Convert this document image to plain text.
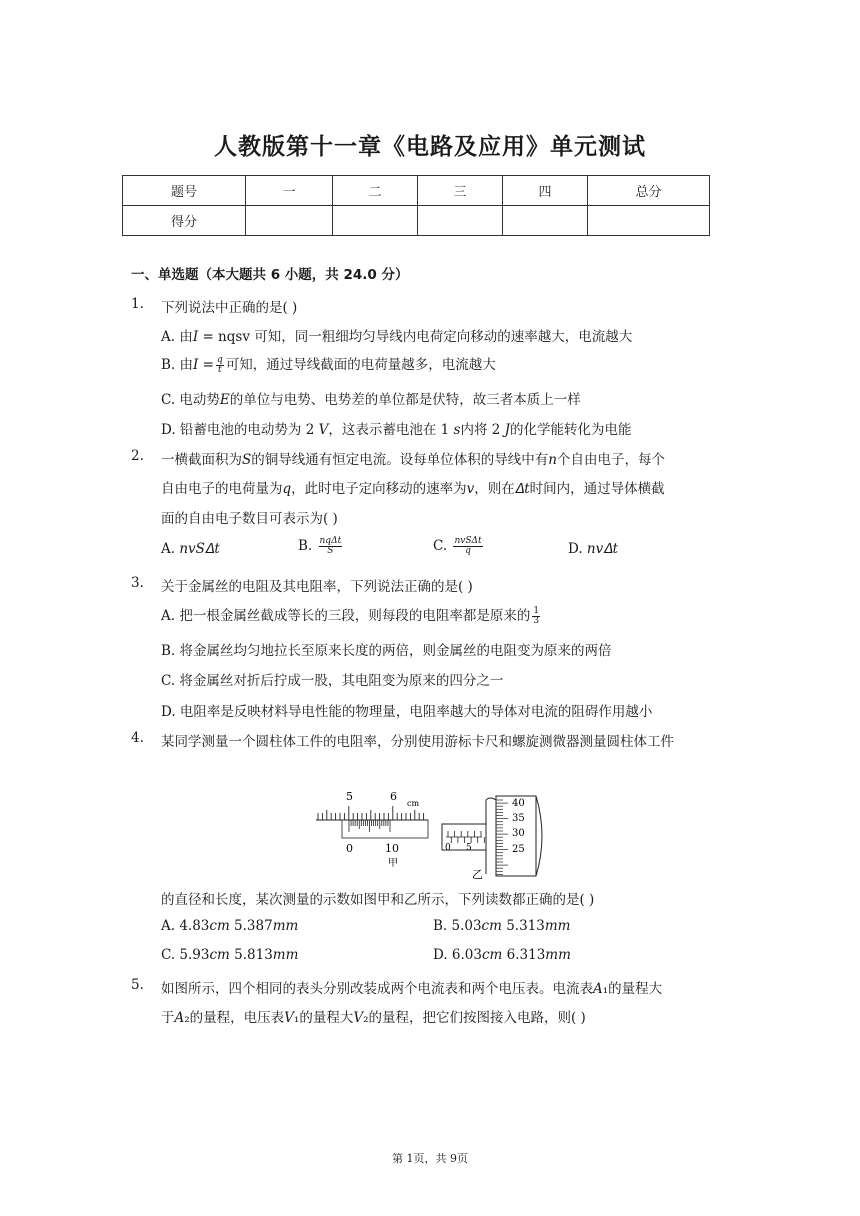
人教版第十一章《电路及应用》单元测试
题号	一	二	三	四	总分
得分					
一、单选题（本大题共 6 小题，共 24.0 分）
1. 下列说法中正确的是( )
A. 由𝐼 = nqsv 可知，同一粗细均匀导线内电荷定向移动的速率越大，电流越大
B. 由𝐼 = $\frac{q}{t}$ 可知，通过导线截面的电荷量越多，电流越大
C. 电动势𝐸的单位与电势、电势差的单位都是伏特，故三者本质上一样
D. 铅蓄电池的电动势为 2 𝑉，这表示蓄电池在 1 𝑠内将 2 𝐽的化学能转化为电能
2. 一横截面积为𝑆的铜导线通有恒定电流。设每单位体积的导线中有𝑛个自由电子，每个
自由电子的电荷量为𝑞，此时电子定向移动的速率为𝑣，则在𝛥𝑡时间内，通过导体横截
面的自由电子数目可表示为( )
A. 𝑛𝑣𝑆𝛥𝑡	B. $\frac{\text{nqΔt}}{S}$	C. $\frac{\text{nvSΔt}}{q}$	D. 𝑛𝑣𝛥𝑡
3. 关于金属丝的电阻及其电阻率，下列说法正确的是( )
A. 把一根金属丝截成等长的三段，则每段的电阻率都是原来的 $\frac{1}{3}$
B. 将金属丝均匀地拉长至原来长度的两倍，则金属丝的电阻变为原来的两倍
C. 将金属丝对折后拧成一股，其电阻变为原来的四分之一
D. 电阻率是反映材料导电性能的物理量，电阻率越大的导体对电流的阻碍作用越小
4. 某同学测量一个圆柱体工件的电阻率，分别使用游标卡尺和螺旋测微器测量圆柱体工件
5	6
cm
0	10
甲
0 5
40
35
30
25
乙
的直径和长度，某次测量的示数如图甲和乙所示，下列读数都正确的是( )
A. 4.83𝑐𝑚 5.387𝑚𝑚	B. 5.03𝑐𝑚 5.313𝑚𝑚
C. 5.93𝑐𝑚 5.813𝑚𝑚	D. 6.03𝑐𝑚 6.313𝑚𝑚
5. 如图所示，四个相同的表头分别改装成两个电流表和两个电压表。电流表𝐴₁的量程大
于𝐴₂的量程，电压表𝑉₁的量程大𝑉₂的量程，把它们按图接入电路，则( )
第 1页，共 9页
